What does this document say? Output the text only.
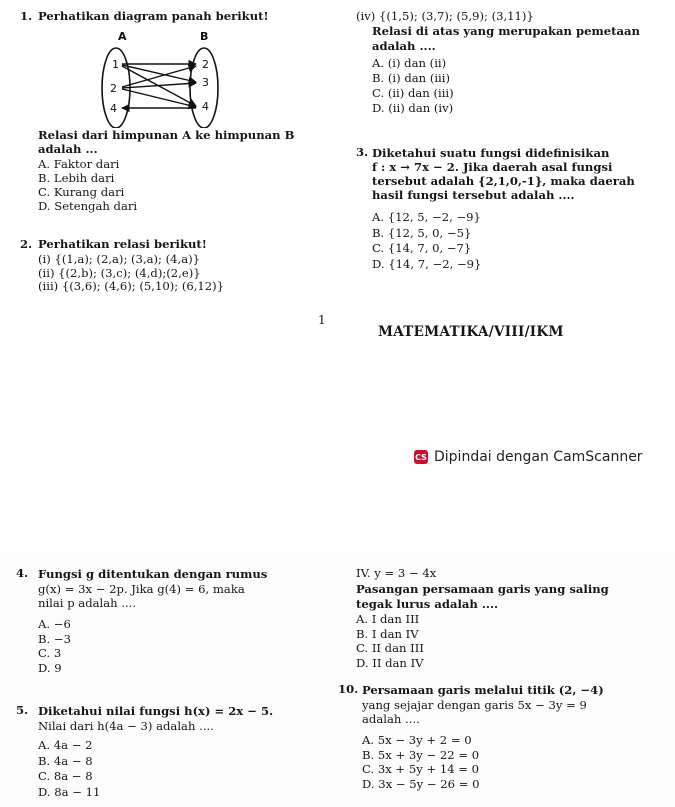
1. Perhatikan diagram panah berikut!
A	B
1
2
4
2
3
4
Relasi dari himpunan A ke himpunan B
adalah ...
A. Faktor dari
B. Lebih dari
C. Kurang dari
D. Setengah dari
2. Perhatikan relasi berikut!
(i) {(1,a); (2,a); (3,a); (4,a)}
(ii) {(2,b); (3,c); (4,d);(2,e)}
(iii) {(3,6); (4,6); (5,10); (6,12)}
(iv) {(1,5); (3,7); (5,9); (3,11)}
Relasi di atas yang merupakan pemetaan
adalah ....
A. (i) dan (ii)
B. (i) dan (iii)
C. (ii) dan (iii)
D. (ii) dan (iv)
3. Diketahui suatu fungsi didefinisikan
f : x → 7x − 2. Jika daerah asal fungsi
tersebut adalah {2,1,0,-1}, maka daerah
hasil fungsi tersebut adalah ....
A. {12, 5, −2, −9}
B. {12, 5, 0, −5}
C. {14, 7, 0, −7}
D. {14, 7, −2, −9}
1
MATEMATIKA/VIII/IKM
CS Dipindai dengan CamScanner
4. Fungsi g ditentukan dengan rumus
g(x) = 3x − 2p. Jika g(4) = 6, maka
nilai p adalah ....
A. −6
B. −3
C. 3
D. 9
5. Diketahui nilai fungsi h(x) = 2x − 5.
Nilai dari h(4a − 3) adalah ....
A. 4a − 2
B. 4a − 8
C. 8a − 8
D. 8a − 11
IV. y = 3 − 4x
Pasangan persamaan garis yang saling
tegak lurus adalah ....
A. I dan III
B. I dan IV
C. II dan III
D. II dan IV
10. Persamaan garis melalui titik (2, −4)
yang sejajar dengan garis 5x − 3y = 9
adalah ....
A. 5x − 3y + 2 = 0
B. 5x + 3y − 22 = 0
C. 3x + 5y + 14 = 0
D. 3x − 5y − 26 = 0
